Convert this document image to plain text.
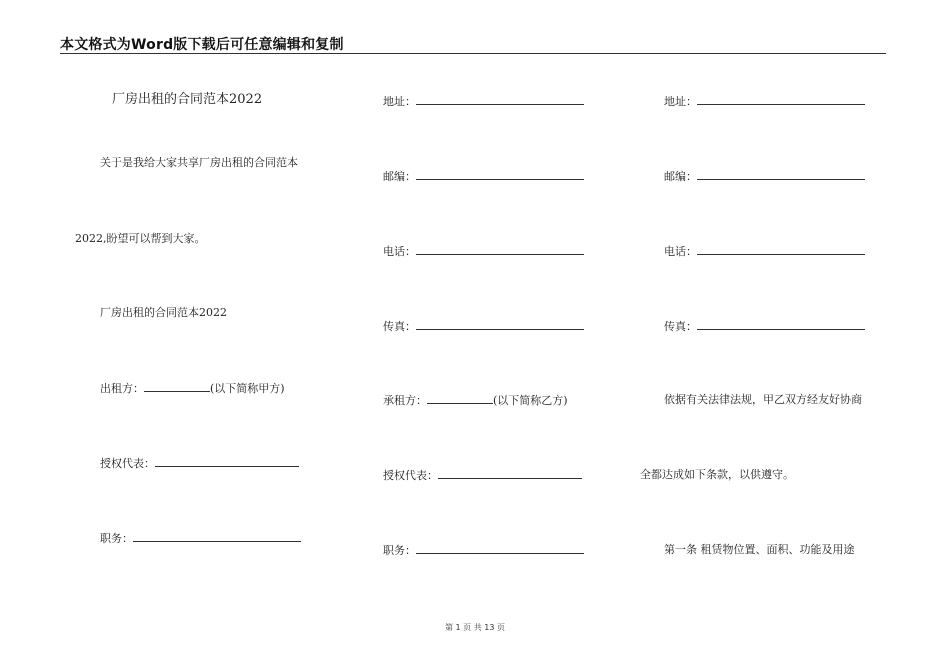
本文格式为Word版下载后可任意编辑和复制
厂房出租的合同范本2022
关于是我给大家共享厂房出租的合同范本
2022,盼望可以帮到大家。
厂房出租的合同范本2022
出租方：	(以下简称甲方)
授权代表：
职务：
地址：
邮编：
电话：
传真：
承租方：	(以下简称乙方)
授权代表：
职务：
地址：
邮编：
电话：
传真：
依据有关法律法规，甲乙双方经友好协商
全都达成如下条款，以供遵守。
第一条 租赁物位置、面积、功能及用途
第 1 页 共 13 页
